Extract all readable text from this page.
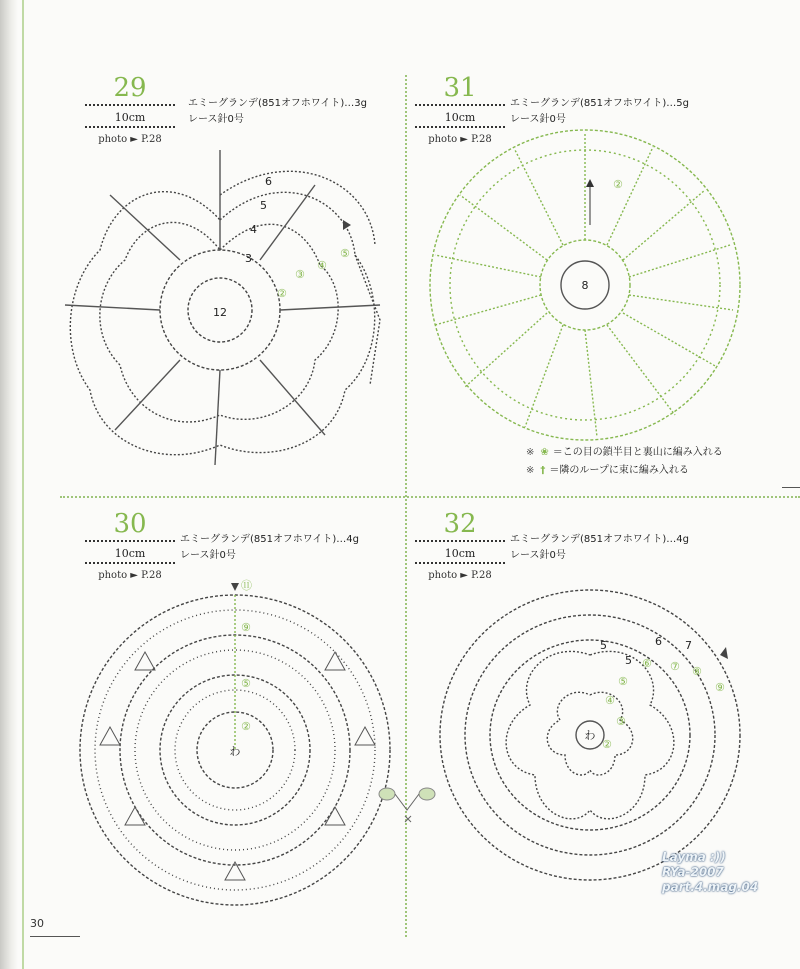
29
10cm
photo ► P.28
エミーグランデ(851オフホワイト)…3g
レース針0号
12
②
③
④
⑤
3
4
5
6
31
10cm
photo ► P.28
エミーグランデ(851オフホワイト)…5g
レース針0号
8
②
※ ❀ ＝この目の鎖半目と裏山に編み入れる
※ † ＝隣のループに束に編み入れる
30
10cm
photo ► P.28
エミーグランデ(851オフホワイト)…4g
レース針0号
わ
⑪
⑨
⑤
②
32
10cm
photo ► P.28
エミーグランデ(851オフホワイト)…4g
レース針0号
わ
5
5
6 7
⑥ ⑦ ⑧
⑨
⑤
④
③
②
Layma :))
RYa-2007
part.4.mag.04
30
